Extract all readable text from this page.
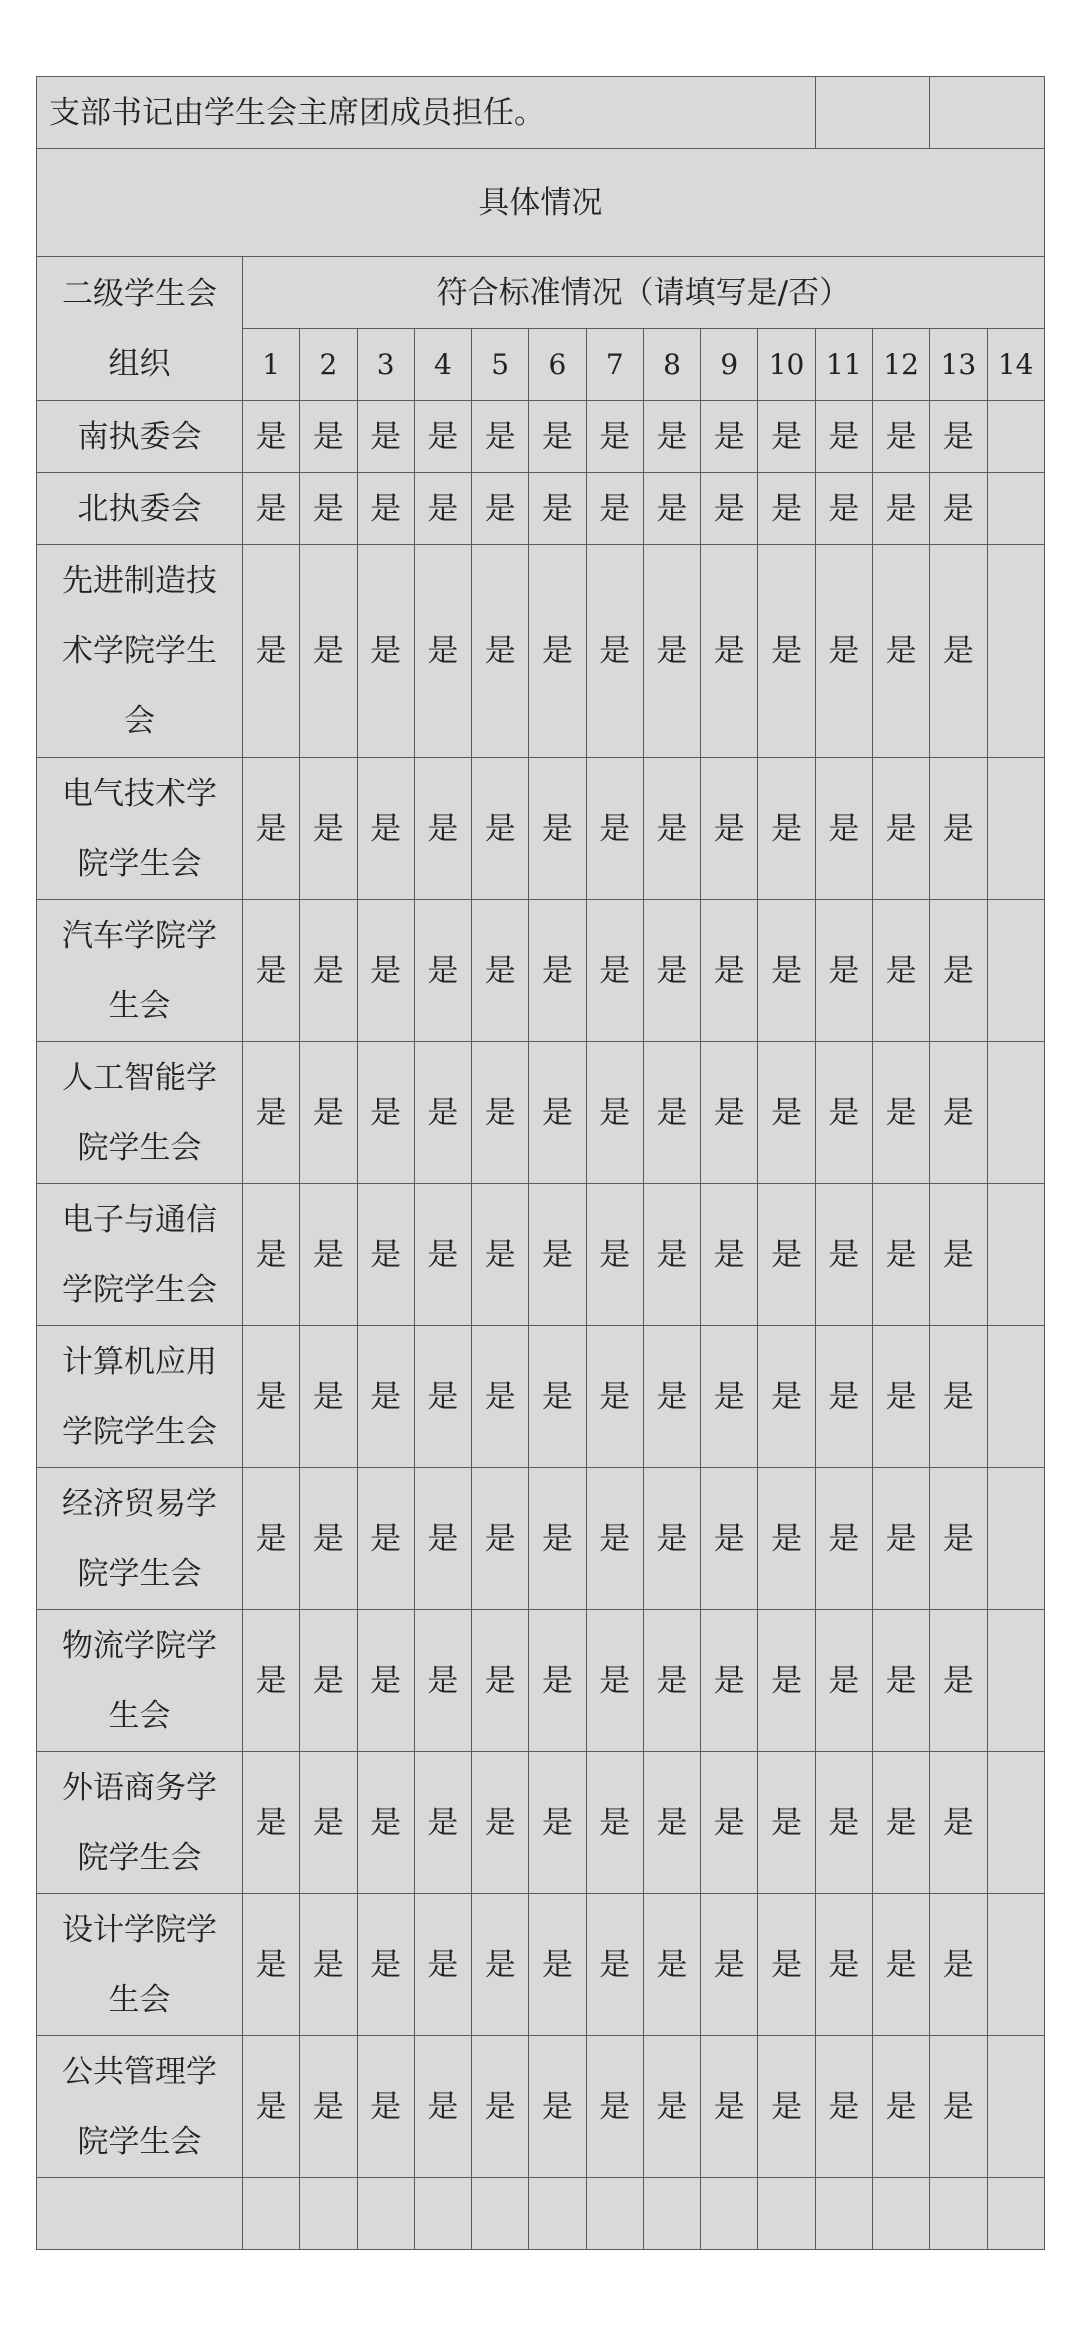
支部书记由学生会主席团成员担任。														
具体情况														

二级学生会
组织	符合标准情况（请填写是/否）													
	1	2	3	4	5	6	7	8	9	10	11	12	13	14

南执委会	是	是	是	是	是	是	是	是	是	是	是	是	是	

北执委会	是	是	是	是	是	是	是	是	是	是	是	是	是	

先进制造技
术学院学生
会	是	是	是	是	是	是	是	是	是	是	是	是	是	

电气技术学
院学生会	是	是	是	是	是	是	是	是	是	是	是	是	是	

汽车学院学
生会	是	是	是	是	是	是	是	是	是	是	是	是	是	

人工智能学
院学生会	是	是	是	是	是	是	是	是	是	是	是	是	是	

电子与通信
学院学生会	是	是	是	是	是	是	是	是	是	是	是	是	是	

计算机应用
学院学生会	是	是	是	是	是	是	是	是	是	是	是	是	是	

经济贸易学
院学生会	是	是	是	是	是	是	是	是	是	是	是	是	是	

物流学院学
生会	是	是	是	是	是	是	是	是	是	是	是	是	是	

外语商务学
院学生会	是	是	是	是	是	是	是	是	是	是	是	是	是	

设计学院学
生会	是	是	是	是	是	是	是	是	是	是	是	是	是	

公共管理学
院学生会	是	是	是	是	是	是	是	是	是	是	是	是	是	
